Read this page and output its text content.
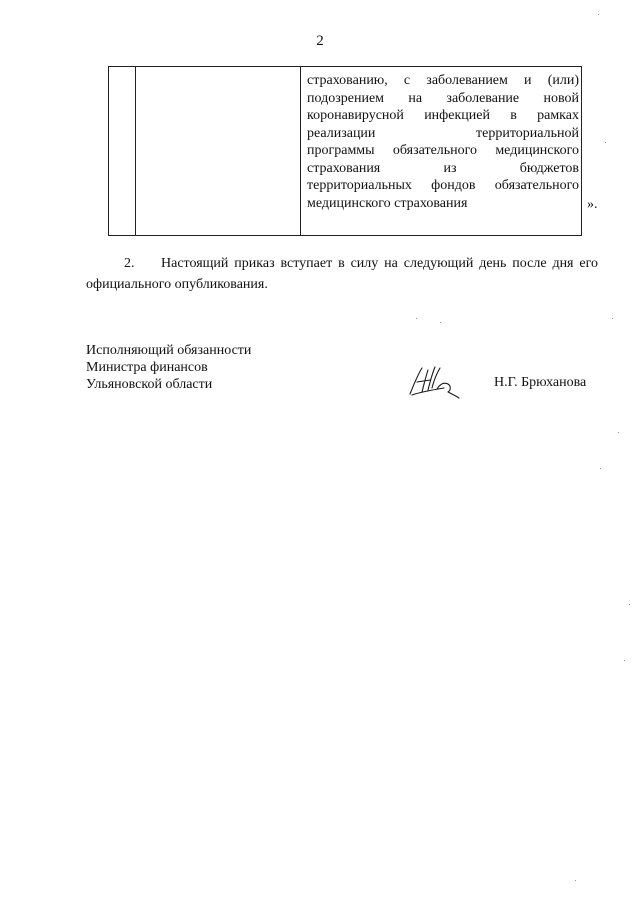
2

страхованию, с заболеванием и (или)
подозрением на заболевание новой
коронавирусной инфекцией в рамках
реализации территориальной
программы обязательного медицинского
страхования из бюджетов
территориальных фондов обязательного
медицинского страхования	».

2. Настоящий приказ вступает в силу на следующий день после дня его официального опубликования.

Исполняющий обязанности
Министра финансов
Ульяновской области	Н.Г. Брюханова
